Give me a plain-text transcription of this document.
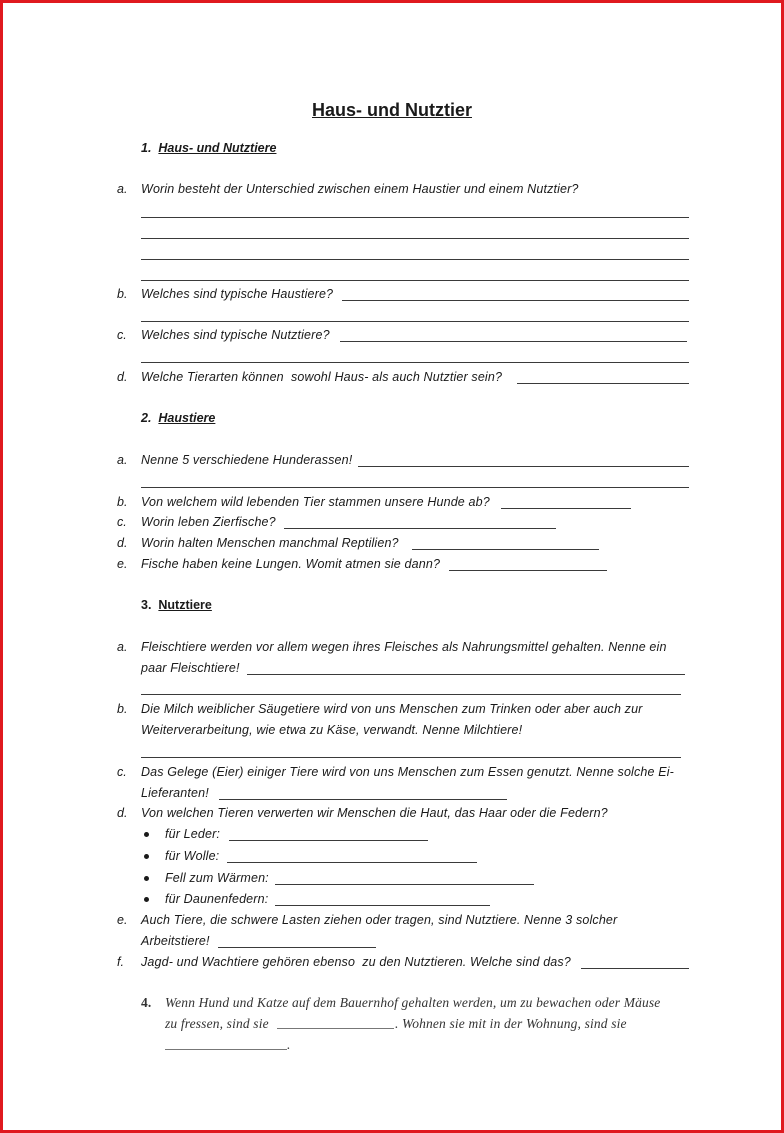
Haus- und Nutztier
1. Haus- und Nutztiere
a. Worin besteht der Unterschied zwischen einem Haustier und einem Nutztier?
b. Welches sind typische Haustiere?
c. Welches sind typische Nutztiere?
d. Welche Tierarten können  sowohl Haus- als auch Nutztier sein?
2. Haustiere
a. Nenne 5 verschiedene Hunderassen!
b. Von welchem wild lebenden Tier stammen unsere Hunde ab?
c. Worin leben Zierfische?
d. Worin halten Menschen manchmal Reptilien?
e. Fische haben keine Lungen. Womit atmen sie dann?
3. Nutztiere
a. Fleischtiere werden vor allem wegen ihres Fleisches als Nahrungsmittel gehalten. Nenne ein
paar Fleischtiere!
b. Die Milch weiblicher Säugetiere wird von uns Menschen zum Trinken oder aber auch zur
Weiterverarbeitung, wie etwa zu Käse, verwandt. Nenne Milchtiere!
c. Das Gelege (Eier) einiger Tiere wird von uns Menschen zum Essen genutzt. Nenne solche Ei-
Lieferanten!
d. Von welchen Tieren verwerten wir Menschen die Haut, das Haar oder die Federn?
für Leder:
für Wolle:
Fell zum Wärmen:
für Daunenfedern:
e. Auch Tiere, die schwere Lasten ziehen oder tragen, sind Nutztiere. Nenne 3 solcher
Arbeitstiere!
f. Jagd- und Wachtiere gehören ebenso  zu den Nutztieren. Welche sind das?
4. Wenn Hund und Katze auf dem Bauernhof gehalten werden, um zu bewachen oder Mäuse
zu fressen, sind sie	. Wohnen sie mit in der Wohnung, sind sie
.
